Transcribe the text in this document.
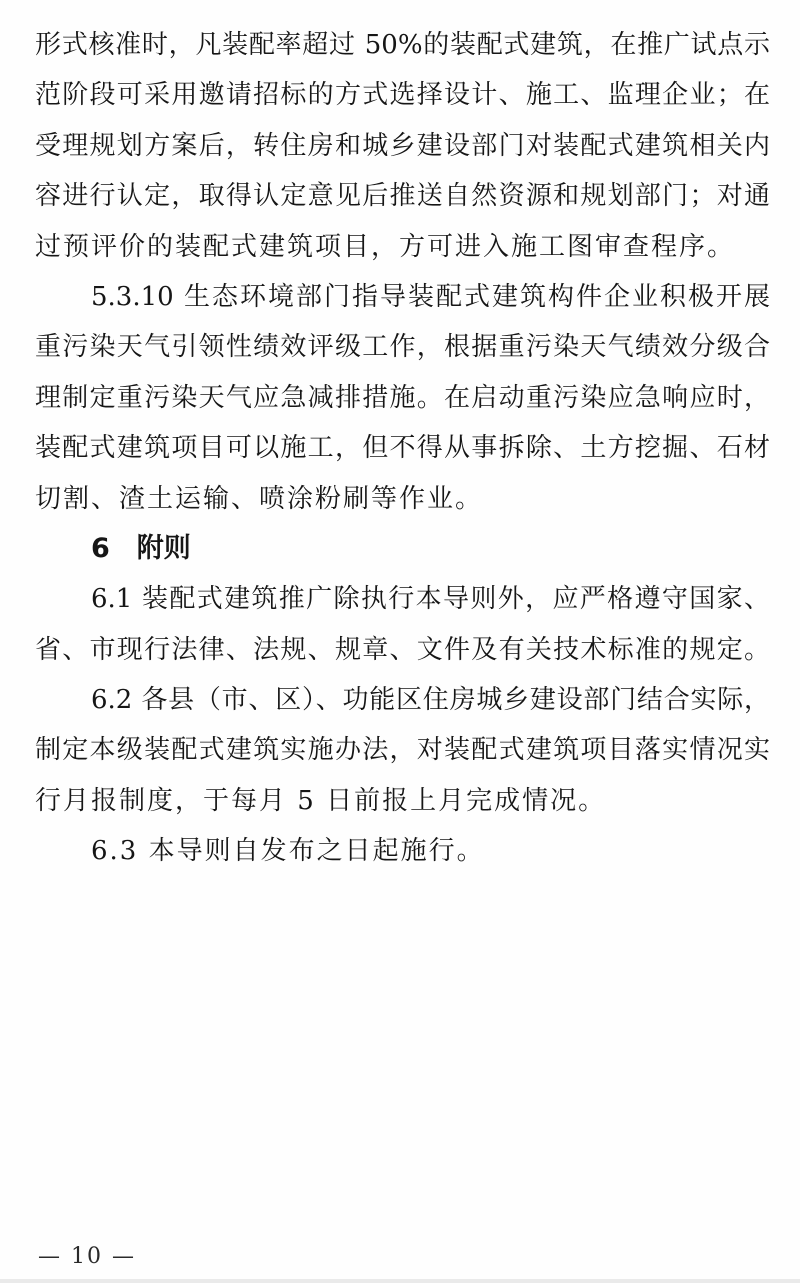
形式核准时，凡装配率超过 50%的装配式建筑，在推广试点示
范阶段可采用邀请招标的方式选择设计、施工、监理企业；在
受理规划方案后，转住房和城乡建设部门对装配式建筑相关内
容进行认定，取得认定意见后推送自然资源和规划部门；对通
过预评价的装配式建筑项目，方可进入施工图审查程序。
5.3.10 生态环境部门指导装配式建筑构件企业积极开展
重污染天气引领性绩效评级工作，根据重污染天气绩效分级合
理制定重污染天气应急减排措施。在启动重污染应急响应时，
装配式建筑项目可以施工，但不得从事拆除、土方挖掘、石材
切割、渣土运输、喷涂粉刷等作业。
6　附则
6.1 装配式建筑推广除执行本导则外，应严格遵守国家、
省、市现行法律、法规、规章、文件及有关技术标准的规定。
6.2 各县（市、区）、功能区住房城乡建设部门结合实际，
制定本级装配式建筑实施办法，对装配式建筑项目落实情况实
行月报制度，于每月 5 日前报上月完成情况。
6.3 本导则自发布之日起施行。
— 10 —
